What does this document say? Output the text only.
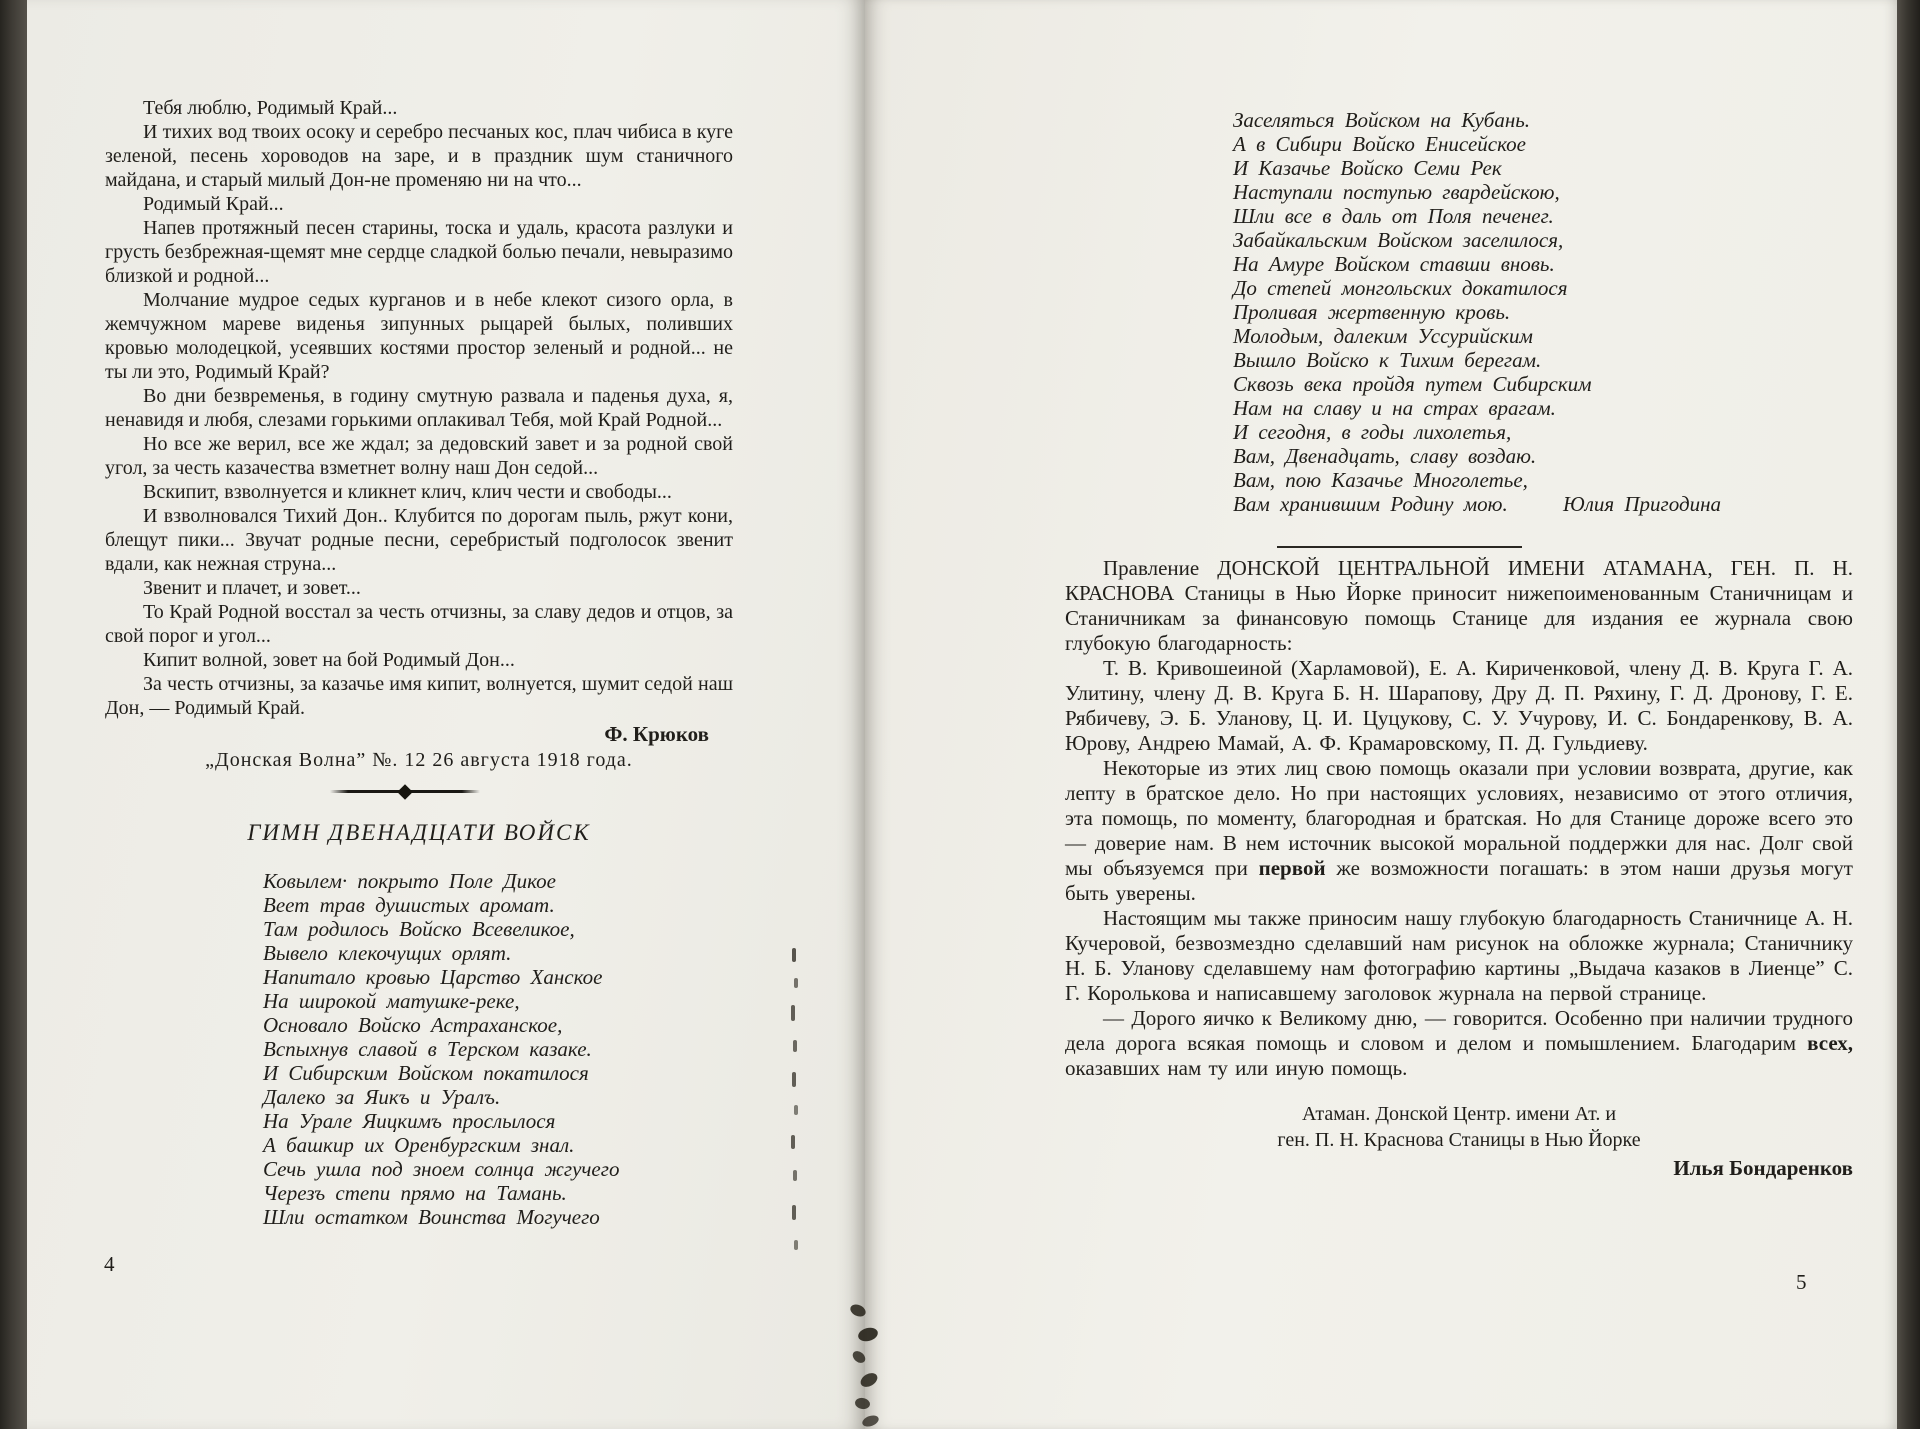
Тебя люблю, Родимый Край...

И тихих вод твоих осоку и серебро песчаных кос, плач чибиса в куге зеленой, песень хороводов на заре, и в праздник шум станичного майдана, и старый милый Дон-не променяю ни на что...

Родимый Край...

Напев протяжный песен старины, тоска и удаль, красота разлуки и грусть безбрежная-щемят мне сердце сладкой болью печали, невыразимо близкой и родной...

Молчание мудрое седых курганов и в небе клекот сизого орла, в жемчужном мареве виденья зипунных рыцарей былых, поливших кровью молодецкой, усеявших костями простор зеленый и родной... не ты ли это, Родимый Край?

Во дни безвременья, в годину смутную развала и паденья духа, я, ненавидя и любя, слезами горькими оплакивал Тебя, мой Край Родной...

Но все же верил, все же ждал; за дедовский завет и за родной свой угол, за честь казачества взметнет волну наш Дон седой...

Вскипит, взволнуется и кликнет клич, клич чести и свободы...

И взволновался Тихий Дон.. Клубится по дорогам пыль, ржут кони, блещут пики... Звучат родные песни, серебристый подголосок звенит вдали, как нежная струна...

Звенит и плачет, и зовет...

То Край Родной восстал за честь отчизны, за славу дедов и отцов, за свой порог и угол...

Кипит волной, зовет на бой Родимый Дон...

За честь отчизны, за казачье имя кипит, волнуется, шумит седой наш Дон, — Родимый Край.

Ф. Крюков
„Донская Волна” №. 12 26 августа 1918 года.
ГИМН ДВЕНАДЦАТИ ВОЙСК
Ковылем· покрыто Поле Дикое
Веет трав душистых аромат.
Там родилось Войско Всевеликое,
Вывело клекочущих орлят.
Напитало кровью Царство Ханское
На широкой матушке-реке,
Основало Войско Астраханское,
Вспыхнув славой в Терском казаке.
И Сибирским Войском покатилося
Далеко за Яикъ и Уралъ.
На Урале Яицкимъ прослылося
А башкир их Оренбургским знал.
Сечь ушла под зноем солнца жгучего
Черезъ степи прямо на Тамань.
Шли остатком Воинства Могучего
Заселяться Войском на Кубань.
А в Сибири Войско Енисейское
И Казачье Войско Семи Рек
Наступали поступью гвардейскою,
Шли все в даль от Поля печенег.
Забайкальским Войском заселилося,
На Амуре Войском ставши вновь.
До степей монгольских докатилося
Проливая жертвенную кровь.
Молодым, далеким Уссурийским
Вышло Войско к Тихим берегам.
Сквозь века пройдя путем Сибирским
Нам на славу и на страх врагам.
И сегодня, в годы лихолетья,
Вам, Двенадцать, славу воздаю.
Вам, пою Казачье Многолетье,
Вам хранившим Родину мою.	Юлия Пригодина

Правление ДОНСКОЙ ЦЕНТРАЛЬНОЙ ИМЕНИ АТАМАНА, ГЕН. П. Н. КРАСНОВА Станицы в Нью Йорке приносит нижепоименованным Станичницам и Станичникам за финансовую помощь Станице для издания ее журнала свою глубокую благодарность:

Т. В. Кривошеиной (Харламовой), Е. А. Кириченковой, члену Д. В. Круга Г. А. Улитину, члену Д. В. Круга Б. Н. Шарапову, Дру Д. П. Ряхину, Г. Д. Дронову, Г. Е. Рябичеву, Э. Б. Уланову, Ц. И. Цуцукову, С. У. Учурову, И. С. Бондаренкову, В. А. Юрову, Андрею Мамай, А. Ф. Крамаровскому, П. Д. Гульдиеву.

Некоторые из этих лиц свою помощь оказали при условии возврата, другие, как лепту в братское дело. Но при настоящих условиях, независимо от этого отличия, эта помощь, по моменту, благородная и братская. Но для Станице дороже всего это — доверие нам. В нем источник высокой моральной поддержки для нас. Долг свой мы объязуемся при первой же возможности погашать: в этом наши друзья могут быть уверены.

Настоящим мы также приносим нашу глубокую благодарность Станичнице А. Н. Кучеровой, безвозмездно сделавший нам рисунок на обложке журнала; Станичнику Н. Б. Уланову сделавшему нам фотографию картины „Выдача казаков в Лиенце” С. Г. Королькова и написавшему заголовок журнала на первой странице.

— Дорого яичко к Великому дню, — говорится. Особенно при наличии трудного дела дорога всякая помощь и словом и делом и помышлением. Благодарим всех, оказавших нам ту или иную помощь.

Атаман. Донской Центр. имени Ат. и
ген. П. Н. Краснова Станицы в Нью Йорке
Илья Бондаренков
4
5
